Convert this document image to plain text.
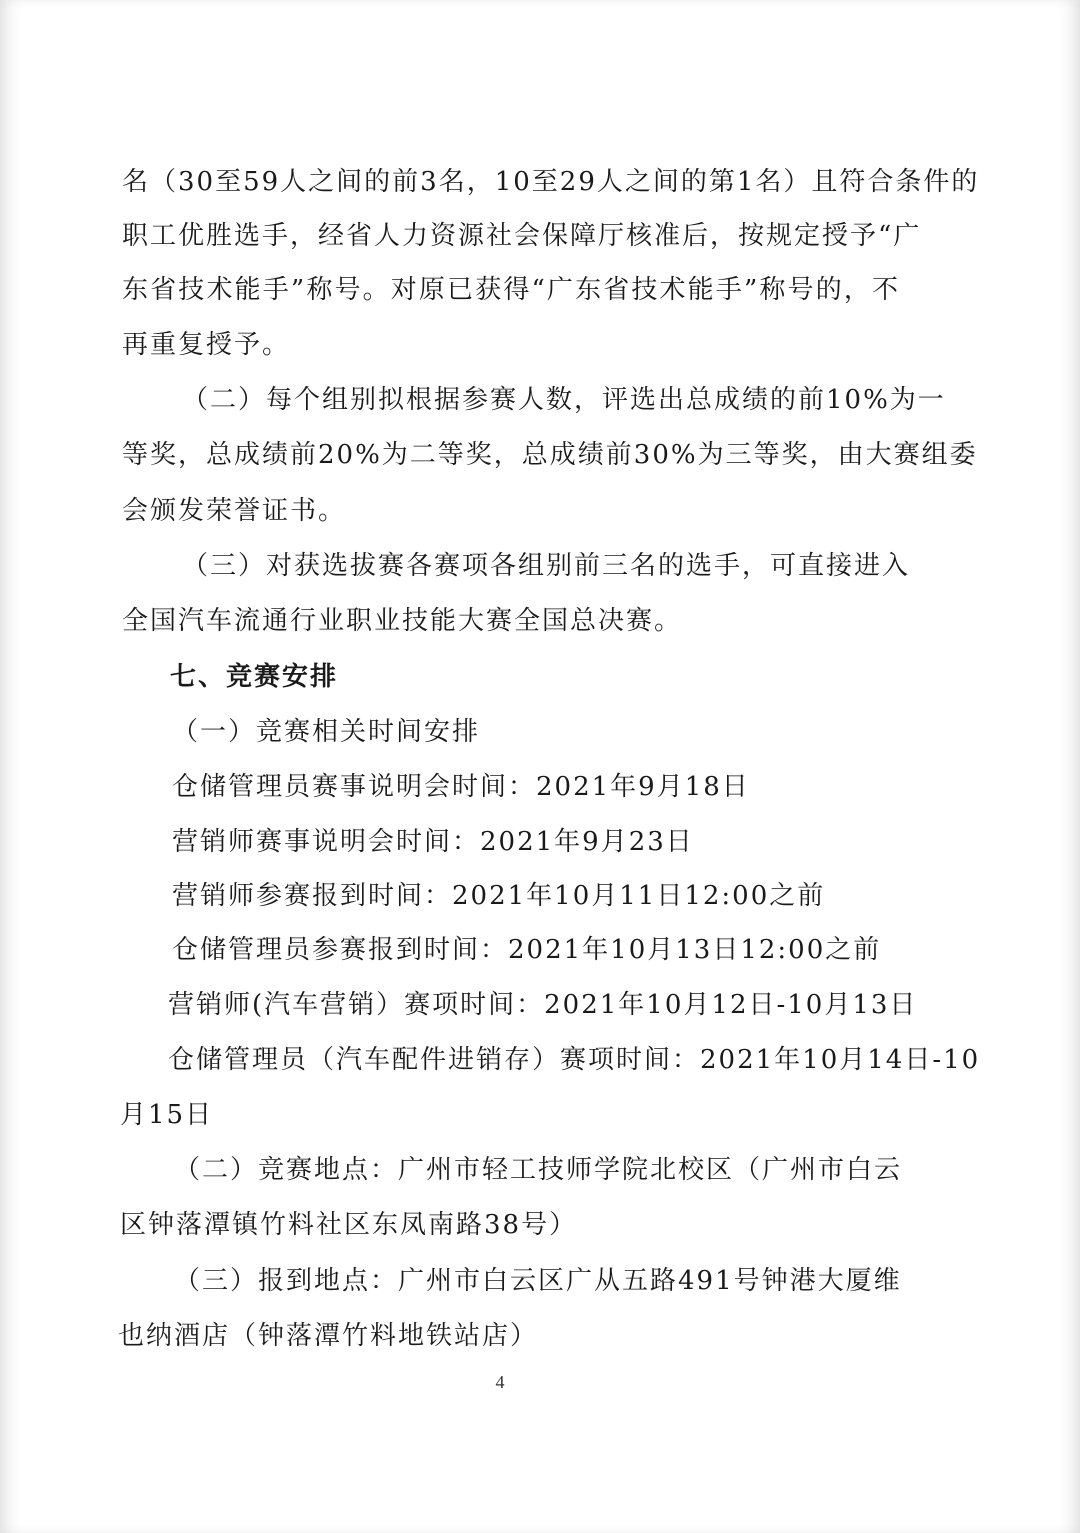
名（30至59人之间的前3名，10至29人之间的第1名）且符合条件的
职工优胜选手，经省人力资源社会保障厅核准后，按规定授予“广
东省技术能手”称号。对原已获得“广东省技术能手”称号的，不
再重复授予。
（二）每个组别拟根据参赛人数，评选出总成绩的前10%为一
等奖，总成绩前20%为二等奖，总成绩前30%为三等奖，由大赛组委
会颁发荣誉证书。
（三）对获选拔赛各赛项各组别前三名的选手，可直接进入
全国汽车流通行业职业技能大赛全国总决赛。
七、竞赛安排
（一）竞赛相关时间安排
仓储管理员赛事说明会时间：2021年9月18日
营销师赛事说明会时间：2021年9月23日
营销师参赛报到时间：2021年10月11日12:00之前
仓储管理员参赛报到时间：2021年10月13日12:00之前
营销师(汽车营销）赛项时间：2021年10月12日-10月13日
仓储管理员（汽车配件进销存）赛项时间：2021年10月14日-10
月15日
（二）竞赛地点：广州市轻工技师学院北校区（广州市白云
区钟落潭镇竹料社区东凤南路38号）
（三）报到地点：广州市白云区广从五路491号钟港大厦维
也纳酒店（钟落潭竹料地铁站店）
4
